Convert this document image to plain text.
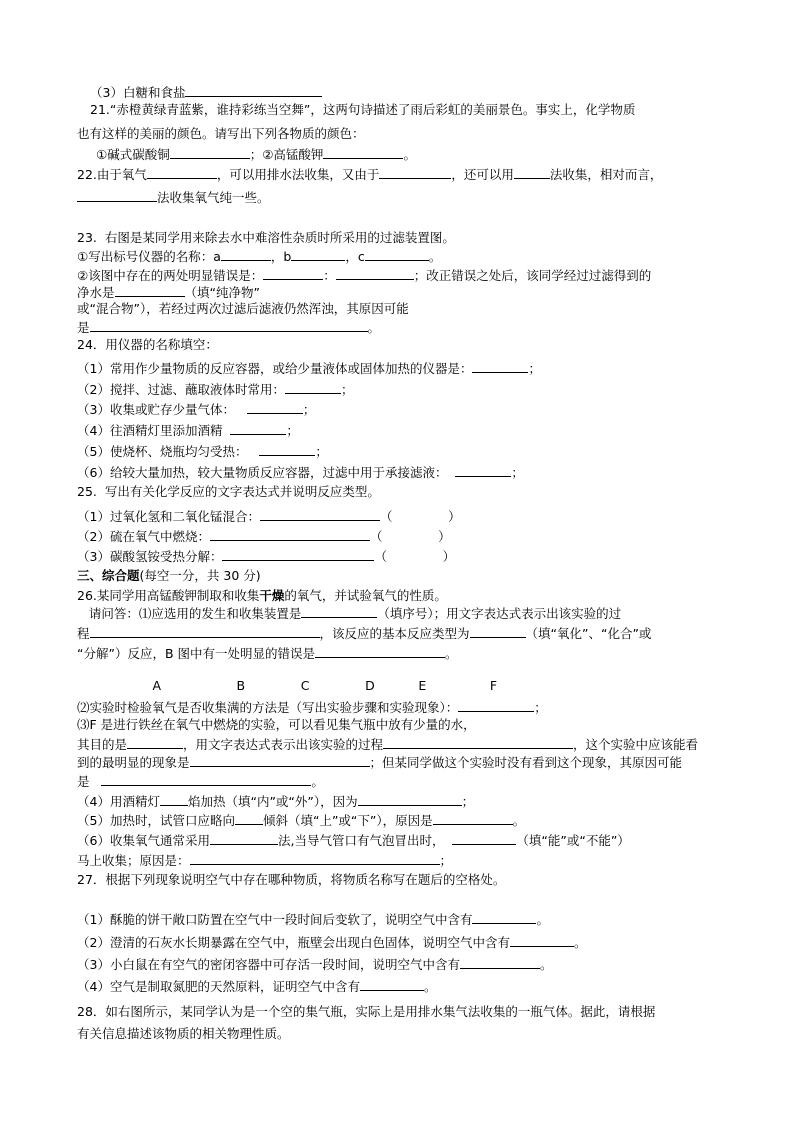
（3）白糖和食盐
21.“赤橙黄绿青蓝紫，谁持彩练当空舞”，这两句诗描述了雨后彩虹的美丽景色。事实上，化学物质
也有这样的美丽的颜色。请写出下列各物质的颜色：
①碱式碳酸铜	；②高锰酸钾	。
22.由于氧气	，可以用排水法收集，又由于	，还可以用	法收集，相对而言，
法收集氧气纯一些。
23.  右图是某同学用来除去水中难溶性杂质时所采用的过滤装置图。
①写出标号仪器的名称：a	，b	，c	。
②该图中存在的两处明显错误是：	：	；改正错误之处后，该同学经过过滤得到的
净水是	（填“纯净物”
或“混合物”），若经过两次过滤后滤液仍然浑浊，其原因可能
是	。
24．用仪器的名称填空：
（1）常用作少量物质的反应容器，或给少量液体或固体加热的仪器是：	；
（2）搅拌、过滤、蘸取液体时常用：	；
（3）收集或贮存少量气体：	；
（4）往酒精灯里添加酒精	；
（5）使烧杯、烧瓶均匀受热：	；
（6）给较大量加热，较大量物质反应容器，过滤中用于承接滤液：	；
25.  写出有关化学反应的文字表达式并说明反应类型。
（1）过氧化氢和二氧化锰混合：	（              ）
（2）硫在氧气中燃烧：	（              ）
（3）碳酸氢铵受热分解：	（              ）
三、综合题(每空一分，共 30 分)
26.某同学用高锰酸钾制取和收集干燥的氧气，并试验氧气的性质。
请问答：⑴应选用的发生和收集装置是	（填序号）；用文字表达式表示出该实验的过
程	，该反应的基本反应类型为	（填“氧化”、“化合”或
“分解”）反应，B 图中有一处明显的错误是	。
A                   B              C              D           E                F
⑵实验时检验氧气是否收集满的方法是（写出实验步骤和实验现象）：	；
⑶F 是进行铁丝在氧气中燃烧的实验，可以看见集气瓶中放有少量的水，
其目的是	，用文字表达式表示出该实验的过程	，这个实验中应该能看
到的最明显的现象是	；但某同学做这个实验时没有看到这个现象，其原因可能
是	。
（4）用酒精灯 焰加热（填“内”或“外”），因为	；
（5）加热时，试管口应略向 倾斜（填“上”或“下”），原因是	。
（6）收集氧气通常采用	法,当导气管口有气泡冒出时，	（填“能”或“不能”）
马上收集；原因是：	；
27．根据下列现象说明空气中存在哪种物质，将物质名称写在题后的空格处。
（1）酥脆的饼干敞口防置在空气中一段时间后变软了，说明空气中含有	。
（2）澄清的石灰水长期暴露在空气中，瓶壁会出现白色固体，说明空气中含有	。
（3）小白鼠在有空气的密闭容器中可存活一段时间，说明空气中含有	。
（4）空气是制取氮肥的天然原料，证明空气中含有	。
28．如右图所示，某同学认为是一个空的集气瓶，实际上是用排水集气法收集的一瓶气体。据此，请根据
有关信息描述该物质的相关物理性质。
